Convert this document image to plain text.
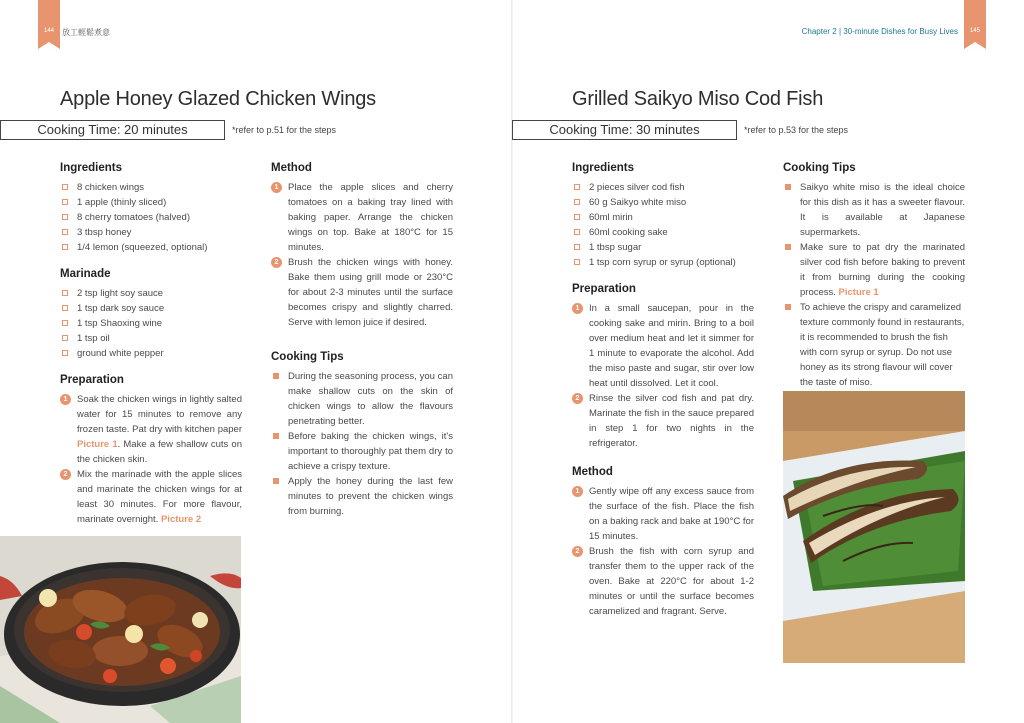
144	放工輕鬆煮意
Apple Honey Glazed Chicken Wings
Cooking Time: 20 minutes	*refer to p.51 for the steps
Ingredients
8 chicken wings
1 apple (thinly sliced)
8 cherry tomatoes (halved)
3 tbsp honey
1/4 lemon (squeezed, optional)
Marinade
2 tsp light soy sauce
1 tsp dark soy sauce
1 tsp Shaoxing wine
1 tsp oil
ground white pepper
Preparation
1	Soak the chicken wings in lightly salted water for 15 minutes to remove any frozen taste. Pat dry with kitchen paper Picture 1. Make a few shallow cuts on the chicken skin.
2	Mix the marinade with the apple slices and marinate the chicken wings for at least 30 minutes. For more flavour, marinate overnight. Picture 2
Method
1	Place the apple slices and cherry tomatoes on a baking tray lined with baking paper. Arrange the chicken wings on top. Bake at 180°C for 15 minutes.
2	Brush the chicken wings with honey. Bake them using grill mode or 230°C for about 2-3 minutes until the surface becomes crispy and slightly charred. Serve with lemon juice if desired.
Cooking Tips
During the seasoning process, you can make shallow cuts on the skin of chicken wings to allow the flavours penetrating better.
Before baking the chicken wings, it's important to thoroughly pat them dry to achieve a crispy texture.
Apply the honey during the last few minutes to prevent the chicken wings from burning.
Chapter 2 | 30-minute Dishes for Busy Lives	145
Grilled Saikyo Miso Cod Fish
Cooking Time: 30 minutes	*refer to p.53 for the steps
Ingredients
2 pieces silver cod fish
60 g Saikyo white miso
60ml mirin
60ml cooking sake
1 tbsp sugar
1 tsp corn syrup or syrup (optional)
Preparation
1	In a small saucepan, pour in the cooking sake and mirin. Bring to a boil over medium heat and let it simmer for 1 minute to evaporate the alcohol. Add the miso paste and sugar, stir over low heat until dissolved. Let it cool.
2	Rinse the silver cod fish and pat dry. Marinate the fish in the sauce prepared in step 1 for two nights in the refrigerator.
Method
1	Gently wipe off any excess sauce from the surface of the fish. Place the fish on a baking rack and bake at 190°C for 15 minutes.
2	Brush the fish with corn syrup and transfer them to the upper rack of the oven. Bake at 220°C for about 1-2 minutes or until the surface becomes caramelized and fragrant. Serve.
Cooking Tips
Saikyo white miso is the ideal choice for this dish as it has a sweeter flavour. It is available at Japanese supermarkets.
Make sure to pat dry the marinated silver cod fish before baking to prevent it from burning during the cooking process. Picture 1
To achieve the crispy and caramelized texture commonly found in restaurants, it is recommended to brush the fish with corn syrup or syrup. Do not use honey as its strong flavour will cover the taste of miso.
